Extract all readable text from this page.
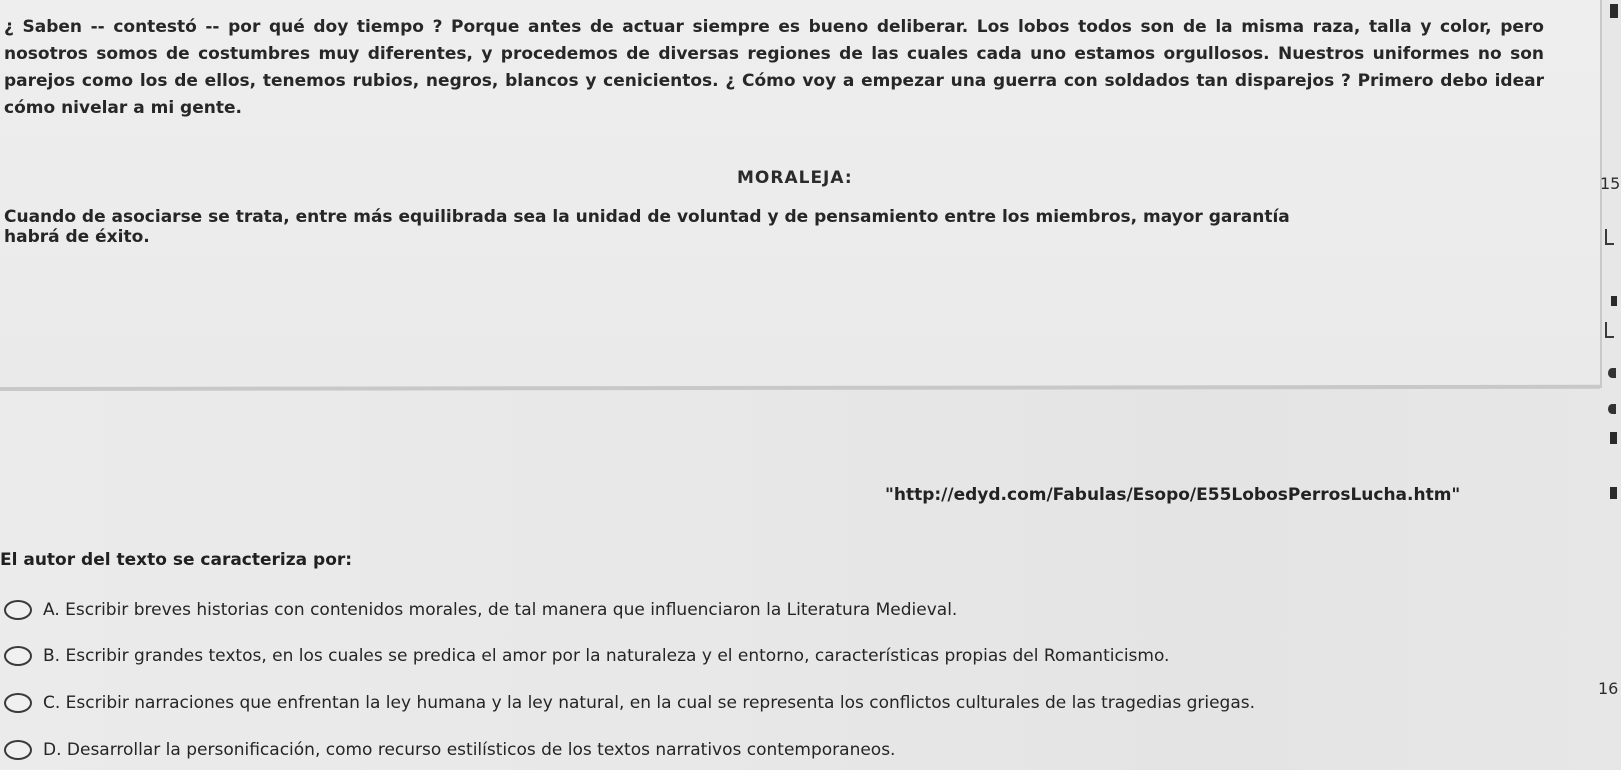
¿ Saben -- contestó -- por qué doy tiempo ? Porque antes de actuar siempre es bueno deliberar. Los lobos todos son de la misma raza, talla y color, pero nosotros somos de costumbres muy diferentes, y procedemos de diversas regiones de las cuales cada uno estamos orgullosos. Nuestros uniformes no son parejos como los de ellos, tenemos rubios, negros, blancos y cenicientos. ¿ Cómo voy a empezar una guerra con soldados tan disparejos ? Primero debo idear cómo nivelar a mi gente.

MORALEJA:

Cuando de asociarse se trata, entre más equilibrada sea la unidad de voluntad y de pensamiento entre los miembros, mayor garantía habrá de éxito.

15

"http://edyd.com/Fabulas/Esopo/E55LobosPerrosLucha.htm"

El autor del texto se caracteriza por:

A. Escribir breves historias con contenidos morales, de tal manera que influenciaron la Literatura Medieval.
B. Escribir grandes textos, en los cuales se predica el amor por la naturaleza y el entorno, características propias del Romanticismo.
C. Escribir narraciones que enfrentan la ley humana y la ley natural, en la cual se representa los conflictos culturales de las tragedias griegas.
D. Desarrollar la personificación, como recurso estilísticos de los textos narrativos contemporaneos.

16
